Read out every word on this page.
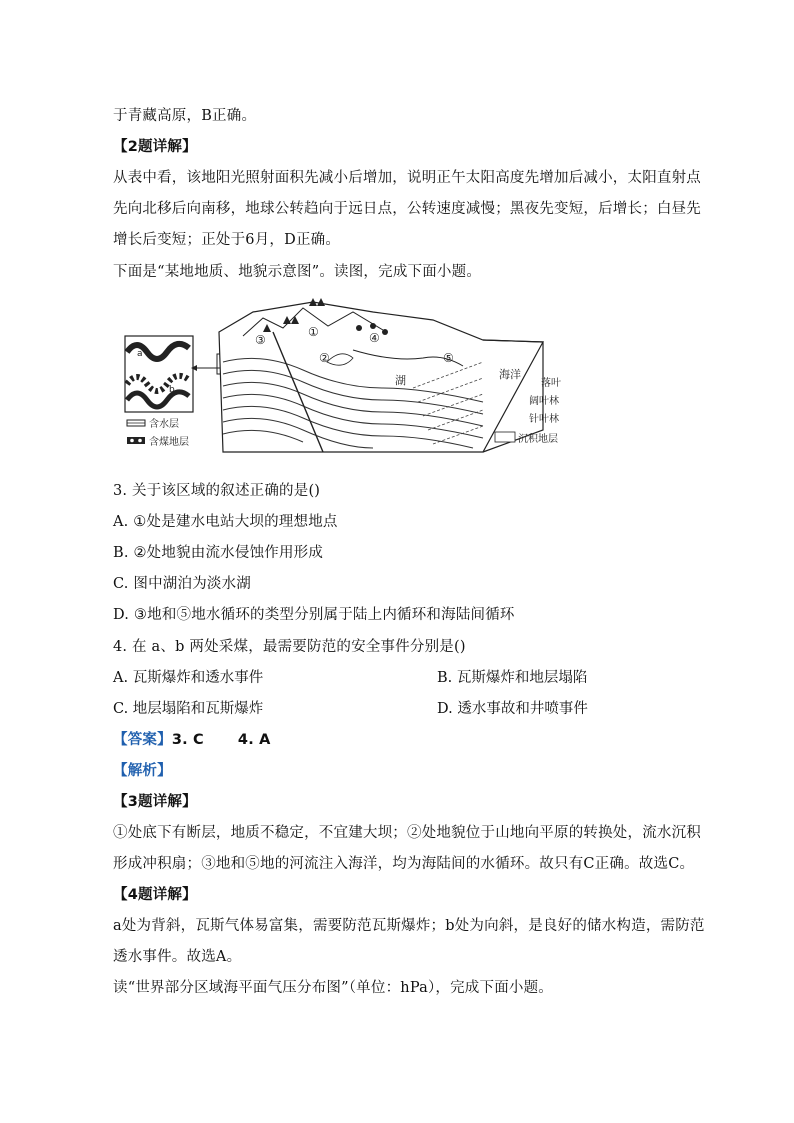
于青藏高原，B正确。
【2题详解】
从表中看，该地阳光照射面积先减小后增加，说明正午太阳高度先增加后减小，太阳直射点
先向北移后向南移，地球公转趋向于远日点，公转速度减慢；黑夜先变短，后增长；白昼先
增长后变短；正处于6月，D正确。
下面是“某地地质、地貌示意图”。读图，完成下面小题。
a
b
含水层
含煤地层
湖	海洋
①
②
③	④
⑤
落叶
阔叶林
针叶林
沉积地层
3. 关于该区域的叙述正确的是()
A. ①处是建水电站大坝的理想地点
B. ②处地貌由流水侵蚀作用形成
C. 图中湖泊为淡水湖
D. ③地和⑤地水循环的类型分别属于陆上内循环和海陆间循环
4. 在 a、b 两处采煤，最需要防范的安全事件分别是()
A. 瓦斯爆炸和透水事件	B. 瓦斯爆炸和地层塌陷
C. 地层塌陷和瓦斯爆炸	D. 透水事故和井喷事件
【答案】3. C 4. A
【解析】
【3题详解】
①处底下有断层，地质不稳定，不宜建大坝；②处地貌位于山地向平原的转换处，流水沉积
形成冲积扇；③地和⑤地的河流注入海洋，均为海陆间的水循环。故只有C正确。故选C。
【4题详解】
a处为背斜，瓦斯气体易富集，需要防范瓦斯爆炸；b处为向斜，是良好的储水构造，需防范
透水事件。故选A。
读“世界部分区域海平面气压分布图”（单位：hPa），完成下面小题。
